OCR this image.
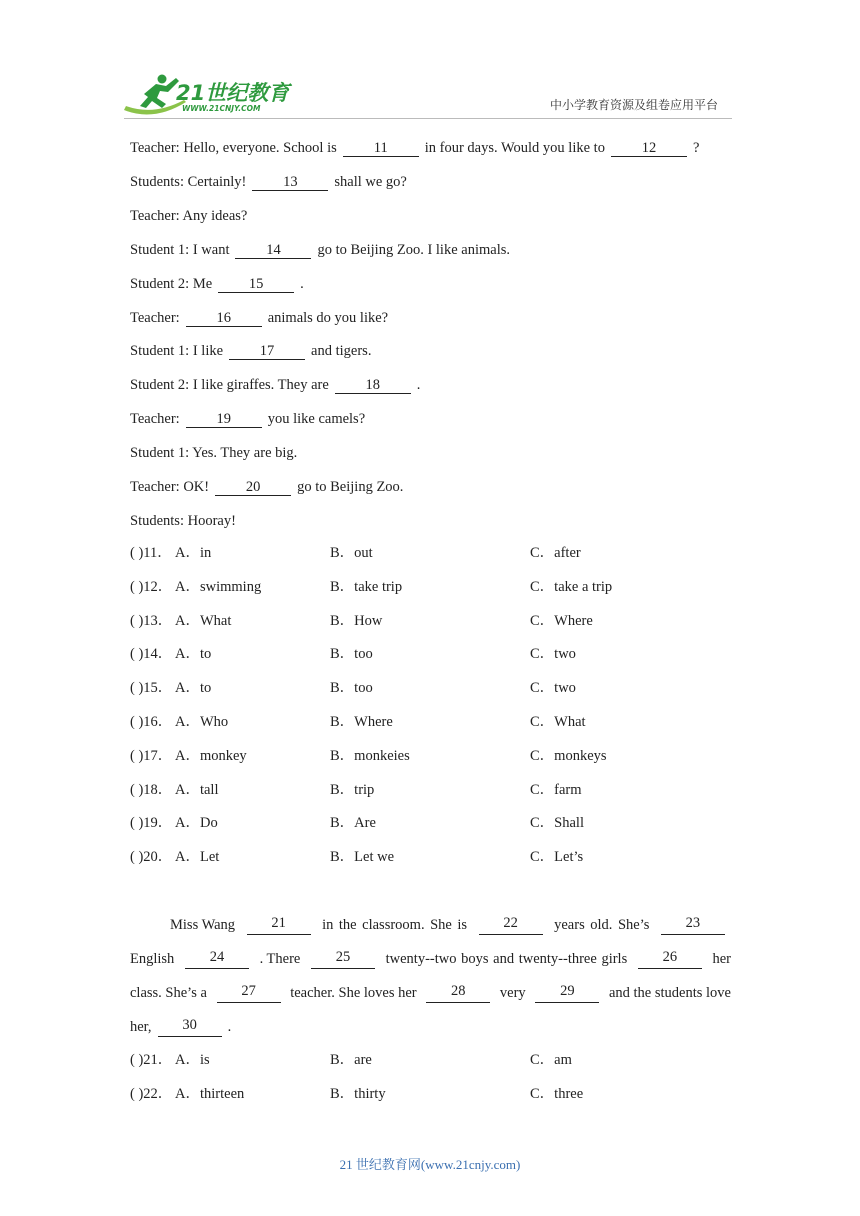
21世纪教育
WWW.21CNJY.COM	中小学教育资源及组卷应用平台
Teacher: Hello, everyone. School is	11	in four days. Would you like to	12	?
Students: Certainly!	13	shall we go?
Teacher: Any ideas?
Student 1: I want	14	go to Beijing Zoo. I like animals.
Student 2: Me	15	.
Teacher:	16	animals do you like?
Student 1: I like	17	and tigers.
Student 2: I like giraffes. They are	18	.
Teacher:	19	you like camels?
Student 1: Yes. They are big.
Teacher: OK!	20	go to Beijing Zoo.
Students: Hooray!
( )11． A．in	B．out	C．after
( )12． A．swimming	B．take trip	C．take a trip
( )13． A．What	B．How	C．Where
( )14． A．to	B．too	C．two
( )15． A．to	B．too	C．two
( )16． A．Who	B．Where	C．What
( )17． A．monkey	B．monkeies	C．monkeys
( )18． A．tall	B．trip	C．farm
( )19． A．Do	B．Are	C．Shall
( )20． A．Let	B．Let we	C．Let’s
Miss Wang	21	in the classroom. She is	22	years old. She’s	23
English	24	. There	25	twenty--two boys and twenty--three girls	26	her
class. She’s a	27	teacher. She loves her	28	very	29	and the students love
her,	30	.
( )21． A．is	B．are	C．am
( )22． A．thirteen	B．thirty	C．three
21 世纪教育网(www.21cnjy.com)
